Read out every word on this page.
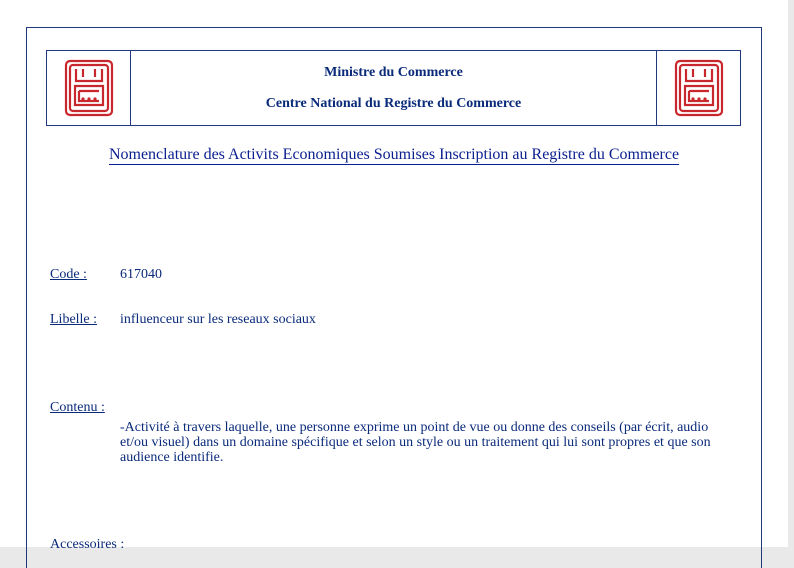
Ministre du Commerce
Centre National du Registre du Commerce
Nomenclature des Activits Economiques Soumises Inscription au Registre du Commerce
Code : 617040
Libelle : influenceur sur les reseaux sociaux
Contenu :
-Activité à travers laquelle, une personne exprime un point de vue ou donne des conseils (par écrit, audio et/ou visuel) dans un domaine spécifique et selon un style ou un traitement qui lui sont propres et que son audience identifie.
Accessoires :
